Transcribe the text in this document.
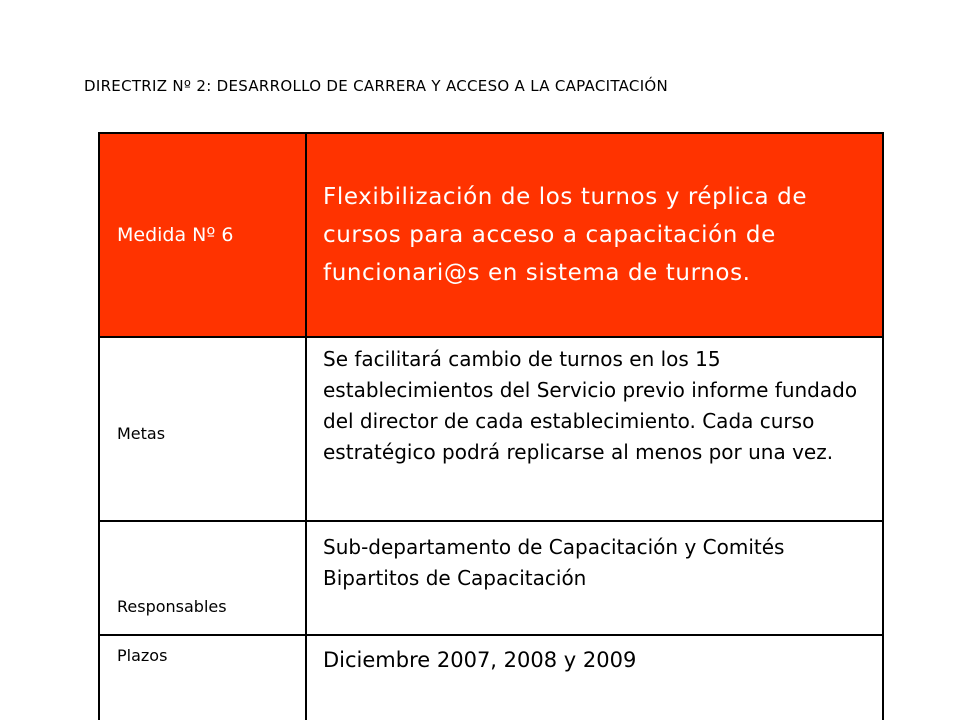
DIRECTRIZ Nº 2: DESARROLLO DE CARRERA Y ACCESO A LA CAPACITACIÓN
Medida Nº 6	Flexibilización de los turnos y réplica de cursos para acceso a capacitación de funcionari@s en sistema de turnos.
Metas	Se facilitará cambio de turnos en los 15 establecimientos del Servicio previo informe fundado del director de cada establecimiento. Cada curso estratégico podrá replicarse al menos por una vez.
Responsables	Sub-departamento de Capacitación y Comités Bipartitos de Capacitación
Plazos	Diciembre 2007, 2008 y 2009
